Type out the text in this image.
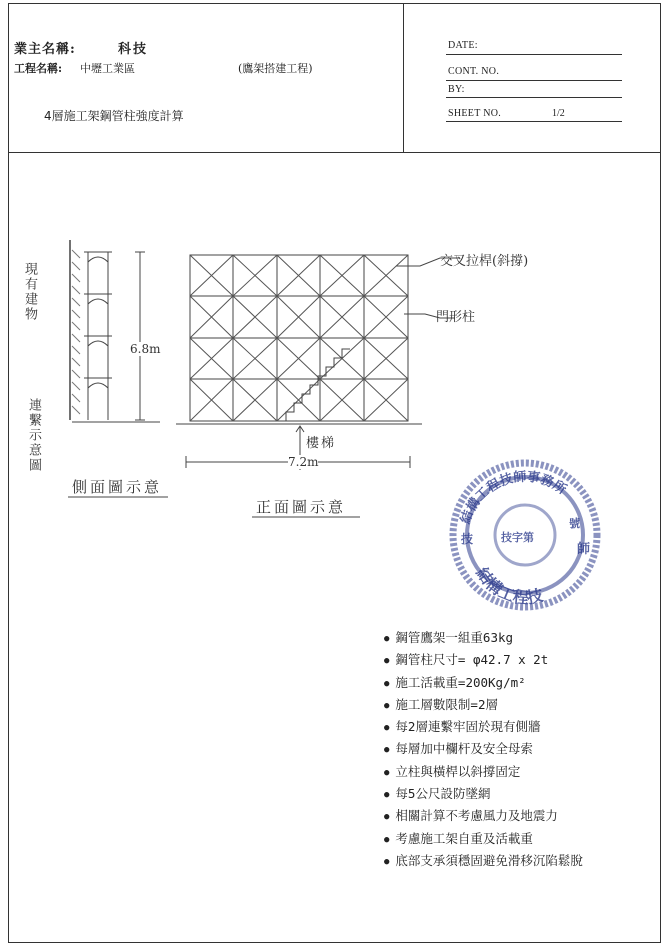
業主名稱:	科技
工程名稱: 中壢工業區	(鷹架搭建工程)
4層施工架鋼管柱強度計算
DATE:
CONT. NO.
BY:
SHEET NO.	1/2
現有建物
連繫示意圖
6.8m
側面圖示意
正面圖示意
7.2m
交叉拉桿(斜撐)
門形柱
樓梯
結構工程技師事務所
結構工程技
技字第
號
師
技
● 鋼管鷹架一組重63kg
● 鋼管柱尺寸= φ42.7 x 2t
● 施工活載重=200Kg/m²
● 施工層數限制=2層
● 每2層連繫牢固於現有側牆
● 每層加中欄杆及安全母索
● 立柱與橫桿以斜撐固定
● 每5公尺設防墜網
● 相關計算不考慮風力及地震力
● 考慮施工架自重及活載重
● 底部支承須穩固避免滑移沉陷鬆脫
